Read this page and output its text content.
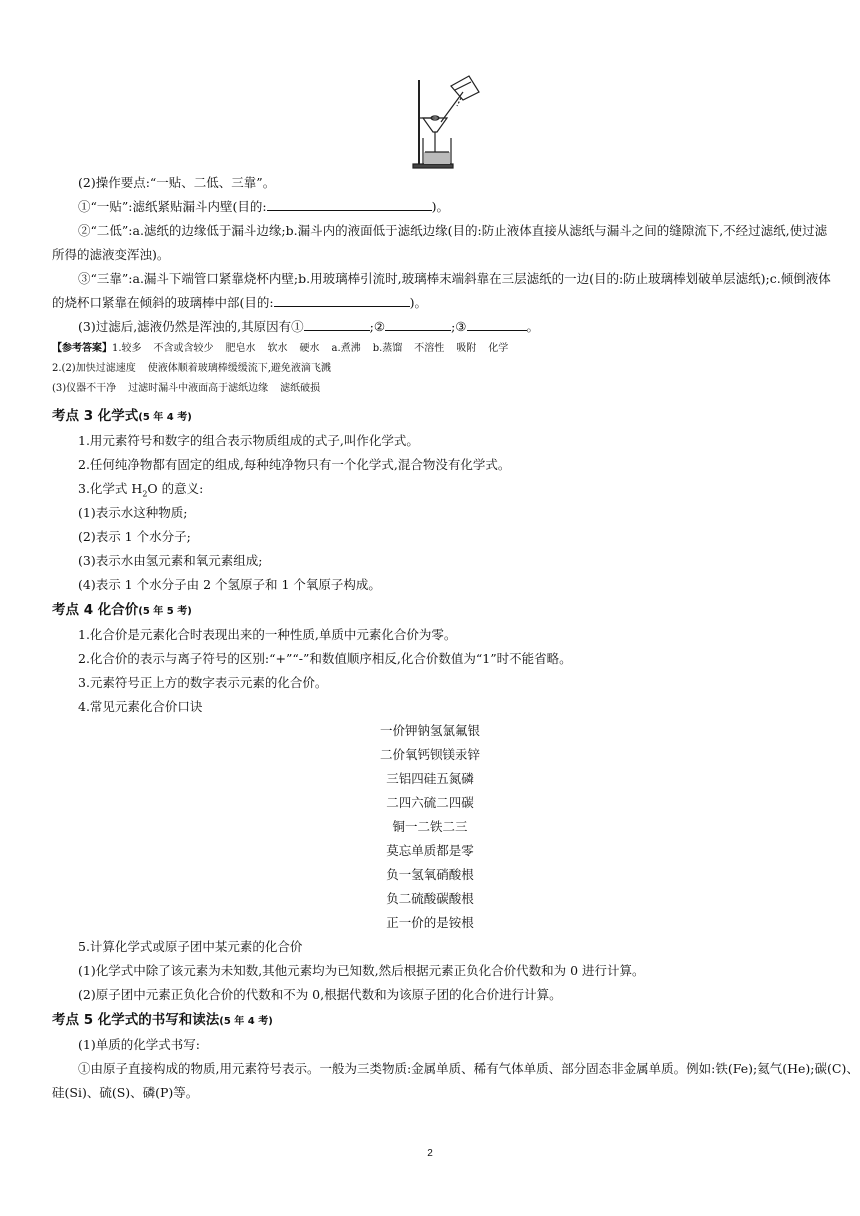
(2)操作要点:“一贴、二低、三靠”。
①“一贴”:滤纸紧贴漏斗内壁(目的:	)。
②“二低”:a.滤纸的边缘低于漏斗边缘;b.漏斗内的液面低于滤纸边缘(目的:防止液体直接从滤纸与漏斗之间的缝隙流下,不经过滤纸,使过滤
所得的滤液变浑浊)。
③“三靠”:a.漏斗下端管口紧靠烧杯内壁;b.用玻璃棒引流时,玻璃棒末端斜靠在三层滤纸的一边(目的:防止玻璃棒划破单层滤纸);c.倾倒液体
的烧杯口紧靠在倾斜的玻璃棒中部(目的:	)。
(3)过滤后,滤液仍然是浑浊的,其原因有①	;②	;③	。
【参考答案】1.较多 不含或含较少 肥皂水 软水 硬水 a.煮沸 b.蒸馏 不溶性 吸附 化学
2.(2)加快过滤速度 使液体顺着玻璃棒缓缓流下,避免液滴飞溅
(3)仪器不干净 过滤时漏斗中液面高于滤纸边缘 滤纸破损
考点 3 化学式(5 年 4 考)
1.用元素符号和数字的组合表示物质组成的式子,叫作化学式。
2.任何纯净物都有固定的组成,每种纯净物只有一个化学式,混合物没有化学式。
3.化学式 $H_2O$ 的意义:
(1)表示水这种物质;
(2)表示 1 个水分子;
(3)表示水由氢元素和氧元素组成;
(4)表示 1 个水分子由 2 个氢原子和 1 个氧原子构成。
考点 4 化合价(5 年 5 考)
1.化合价是元素化合时表现出来的一种性质,单质中元素化合价为零。
2.化合价的表示与离子符号的区别:“+”“-”和数值顺序相反,化合价数值为“1”时不能省略。
3.元素符号正上方的数字表示元素的化合价。
4.常见元素化合价口诀
一价钾钠氢氯氟银
二价氧钙钡镁汞锌
三铝四硅五氮磷
二四六硫二四碳
铜一二铁二三
莫忘单质都是零
负一氢氧硝酸根
负二硫酸碳酸根
正一价的是铵根
5.计算化学式或原子团中某元素的化合价
(1)化学式中除了该元素为未知数,其他元素均为已知数,然后根据元素正负化合价代数和为 0 进行计算。
(2)原子团中元素正负化合价的代数和不为 0,根据代数和为该原子团的化合价进行计算。
考点 5 化学式的书写和读法(5 年 4 考)
(1)单质的化学式书写:
①由原子直接构成的物质,用元素符号表示。一般为三类物质:金属单质、稀有气体单质、部分固态非金属单质。例如:铁(Fe);氦气(He);碳(C)、
硅(Si)、硫(S)、磷(P)等。
2
